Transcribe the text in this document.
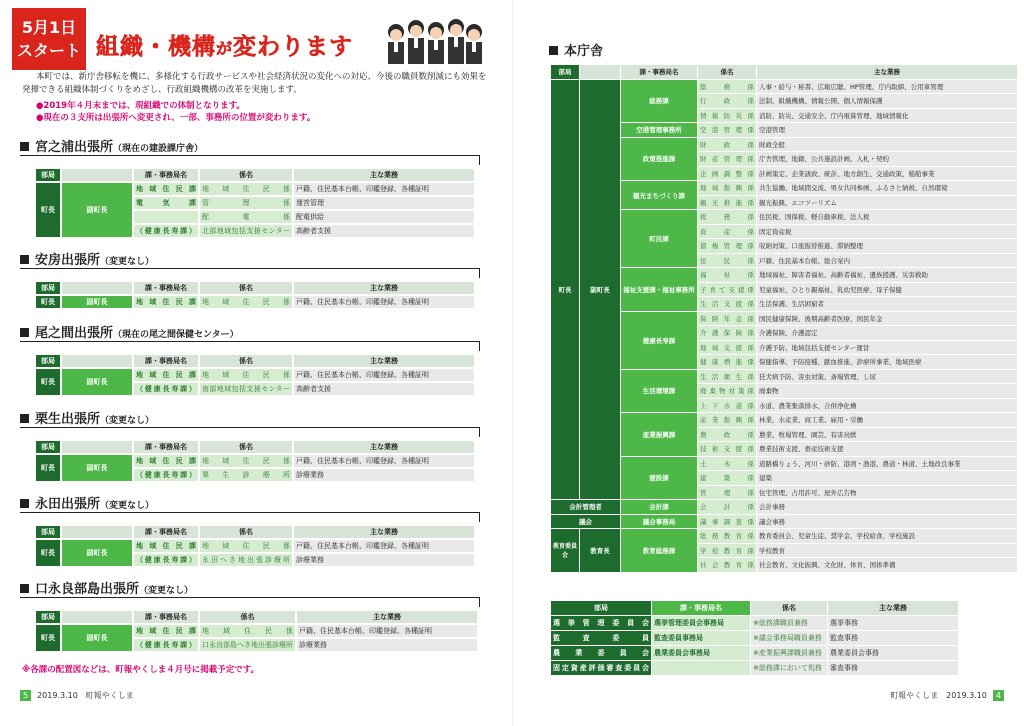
5月1日
スタート 組織・機構が変わります

本町では、新庁舎移転を機に、多様化する行政サービスや社会経済状況の変化への対応、今後の職員数削減にも効果を発揮できる組織体制づくりをめざし、行政組織機構の改革を実施します。

●2019年４月末までは、現組織での体制となります。
●現在の３支所は出張所へ変更され、一部、事務所の位置が変わります。
宮之浦出張所（現在の建設課庁舎）
部局		課・事務局名	係名	主な業務
町長	副町長	地域住民課	地域住民係	戸籍、住民基本台帳、印鑑登録、各種証明
		電気課	管理係	運営管理
			配電係	配電供給
		（健康長寿課）	北部地域包括支援センター	高齢者支援
安房出張所（変更なし）
部局		課・事務局名	係名	主な業務
町長	副町長	地域住民課	地域住民係	戸籍、住民基本台帳、印鑑登録、各種証明
尾之間出張所（現在の尾之間保健センター）
部局		課・事務局名	係名	主な業務
町長	副町長	地域住民課	地域住民係	戸籍、住民基本台帳、印鑑登録、各種証明
		（健康長寿課）	南部地域包括支援センター	高齢者支援
栗生出張所（変更なし）
部局		課・事務局名	係名	主な業務
町長	副町長	地域住民課	地域住民係	戸籍、住民基本台帳、印鑑登録、各種証明
		（健康長寿課）	栗生診療所	診療業務
永田出張所（変更なし）
部局		課・事務局名	係名	主な業務
町長	副町長	地域住民課	地域住民係	戸籍、住民基本台帳、印鑑登録、各種証明
		（健康長寿課）	永田へき地出張診療所	診療業務
口永良部島出張所（変更なし）
部局		課・事務局名	係名	主な業務
町長	副町長	地域住民課	地域住民係	戸籍、住民基本台帳、印鑑登録、各種証明
		（健康長寿課）	口永良部島へき地出張診療所	診療業務
※各課の配置図などは、町報やくしま４月号に掲載予定です。
5 2019.3.10　町報やくしま
本庁舎
部局		課・事務局名	係名	主な業務
町長	副町長	総務課	総務係	人事・給与・秘書、広報広聴、HP管理、庁内取締、公用車管理
			行政係	法制、組織機構、情報公開、個人情報保護
			情報防災係	消防、防災、交通安全、庁内電算管理、地域情報化
		空港管理事務所	空港管理係	空港管理
		政策推進課	財政係	財政全般
			財産管理係	庁舎管理、地籍、公共施設計画、入札・契約
			企画調整係	計画策定、企業誘致、統計、地方創生、交通政策、船舶事業
		観光まちづくり課	地域振興係	共生協働、地域間交流、男女共同参画、ふるさと納税、自然環境
			観光推進係	観光振興、エコツーリズム
		町民課	税務係	住民税、国保税、軽自動車税、法人税
			資産係	固定資産税
			債権管理係	収納対策、口座振替推進、滞納整理
			住民係	戸籍、住民基本台帳、総合案内
		福祉支援課・福祉事務所	福祉係	地域福祉、障害者福祉、高齢者福祉、遺族援護、災害救助
			子育て支援係	児童福祉、ひとり親福祉、乳幼児医療、母子保健
			生活支援係	生活保護、生活困窮者
		健康長寿課	保険年金係	国民健康保険、後期高齢者医療、国民年金
			介護保険係	介護保険、介護認定
			地域支援係	介護予防、地域包括支援センター運営
			健康増進係	保健指導、予防接種、献血推進、診療所事業、地域医療
		生活環境課	生活衛生係	狂犬病予防、害虫対策、斎場管理、し尿
			廃棄物対策係	廃棄物
			上下水道係	水道、農業集落排水、合併浄化槽
		産業振興課	産業振興係	林業、水産業、商工業、雇用・労働
			農政係	農業、牧場管理、園芸、有害鳥獣
			技術支援係	農業技術支援、畜産技術支援
		建設課	土木係	道路橋りょう、河川・砂防、港湾・漁港、農道・林道、土地改良事業
			建築係	建築
			管理係	住宅管理、占用許可、屋外広告物
会計管理者		会計課	会計係	会計事務
議会		議会事務局	議事調査係	議会事務
教育委員会	教育長	教育総務課	総務教育係	教育委員会、児童生徒、奨学金、学校給食、学校施設
			学校教育係	学校教育
			社会教育係	社会教育、文化振興、文化財、体育、国体準備
部局	課・事務局名	係名	主な業務
選挙管理委員会	選挙管理委員会事務局	※総務課職員兼務	選挙事務
監査委員	監査委員事務局	※議会事務局職員兼務	監査事務
農業委員会	農業委員会事務局	※産業振興課職員兼務	農業委員会事務
固定資産評価審査委員会		※総務課において処務	審査事務
町報やくしま　2019.3.10 4
